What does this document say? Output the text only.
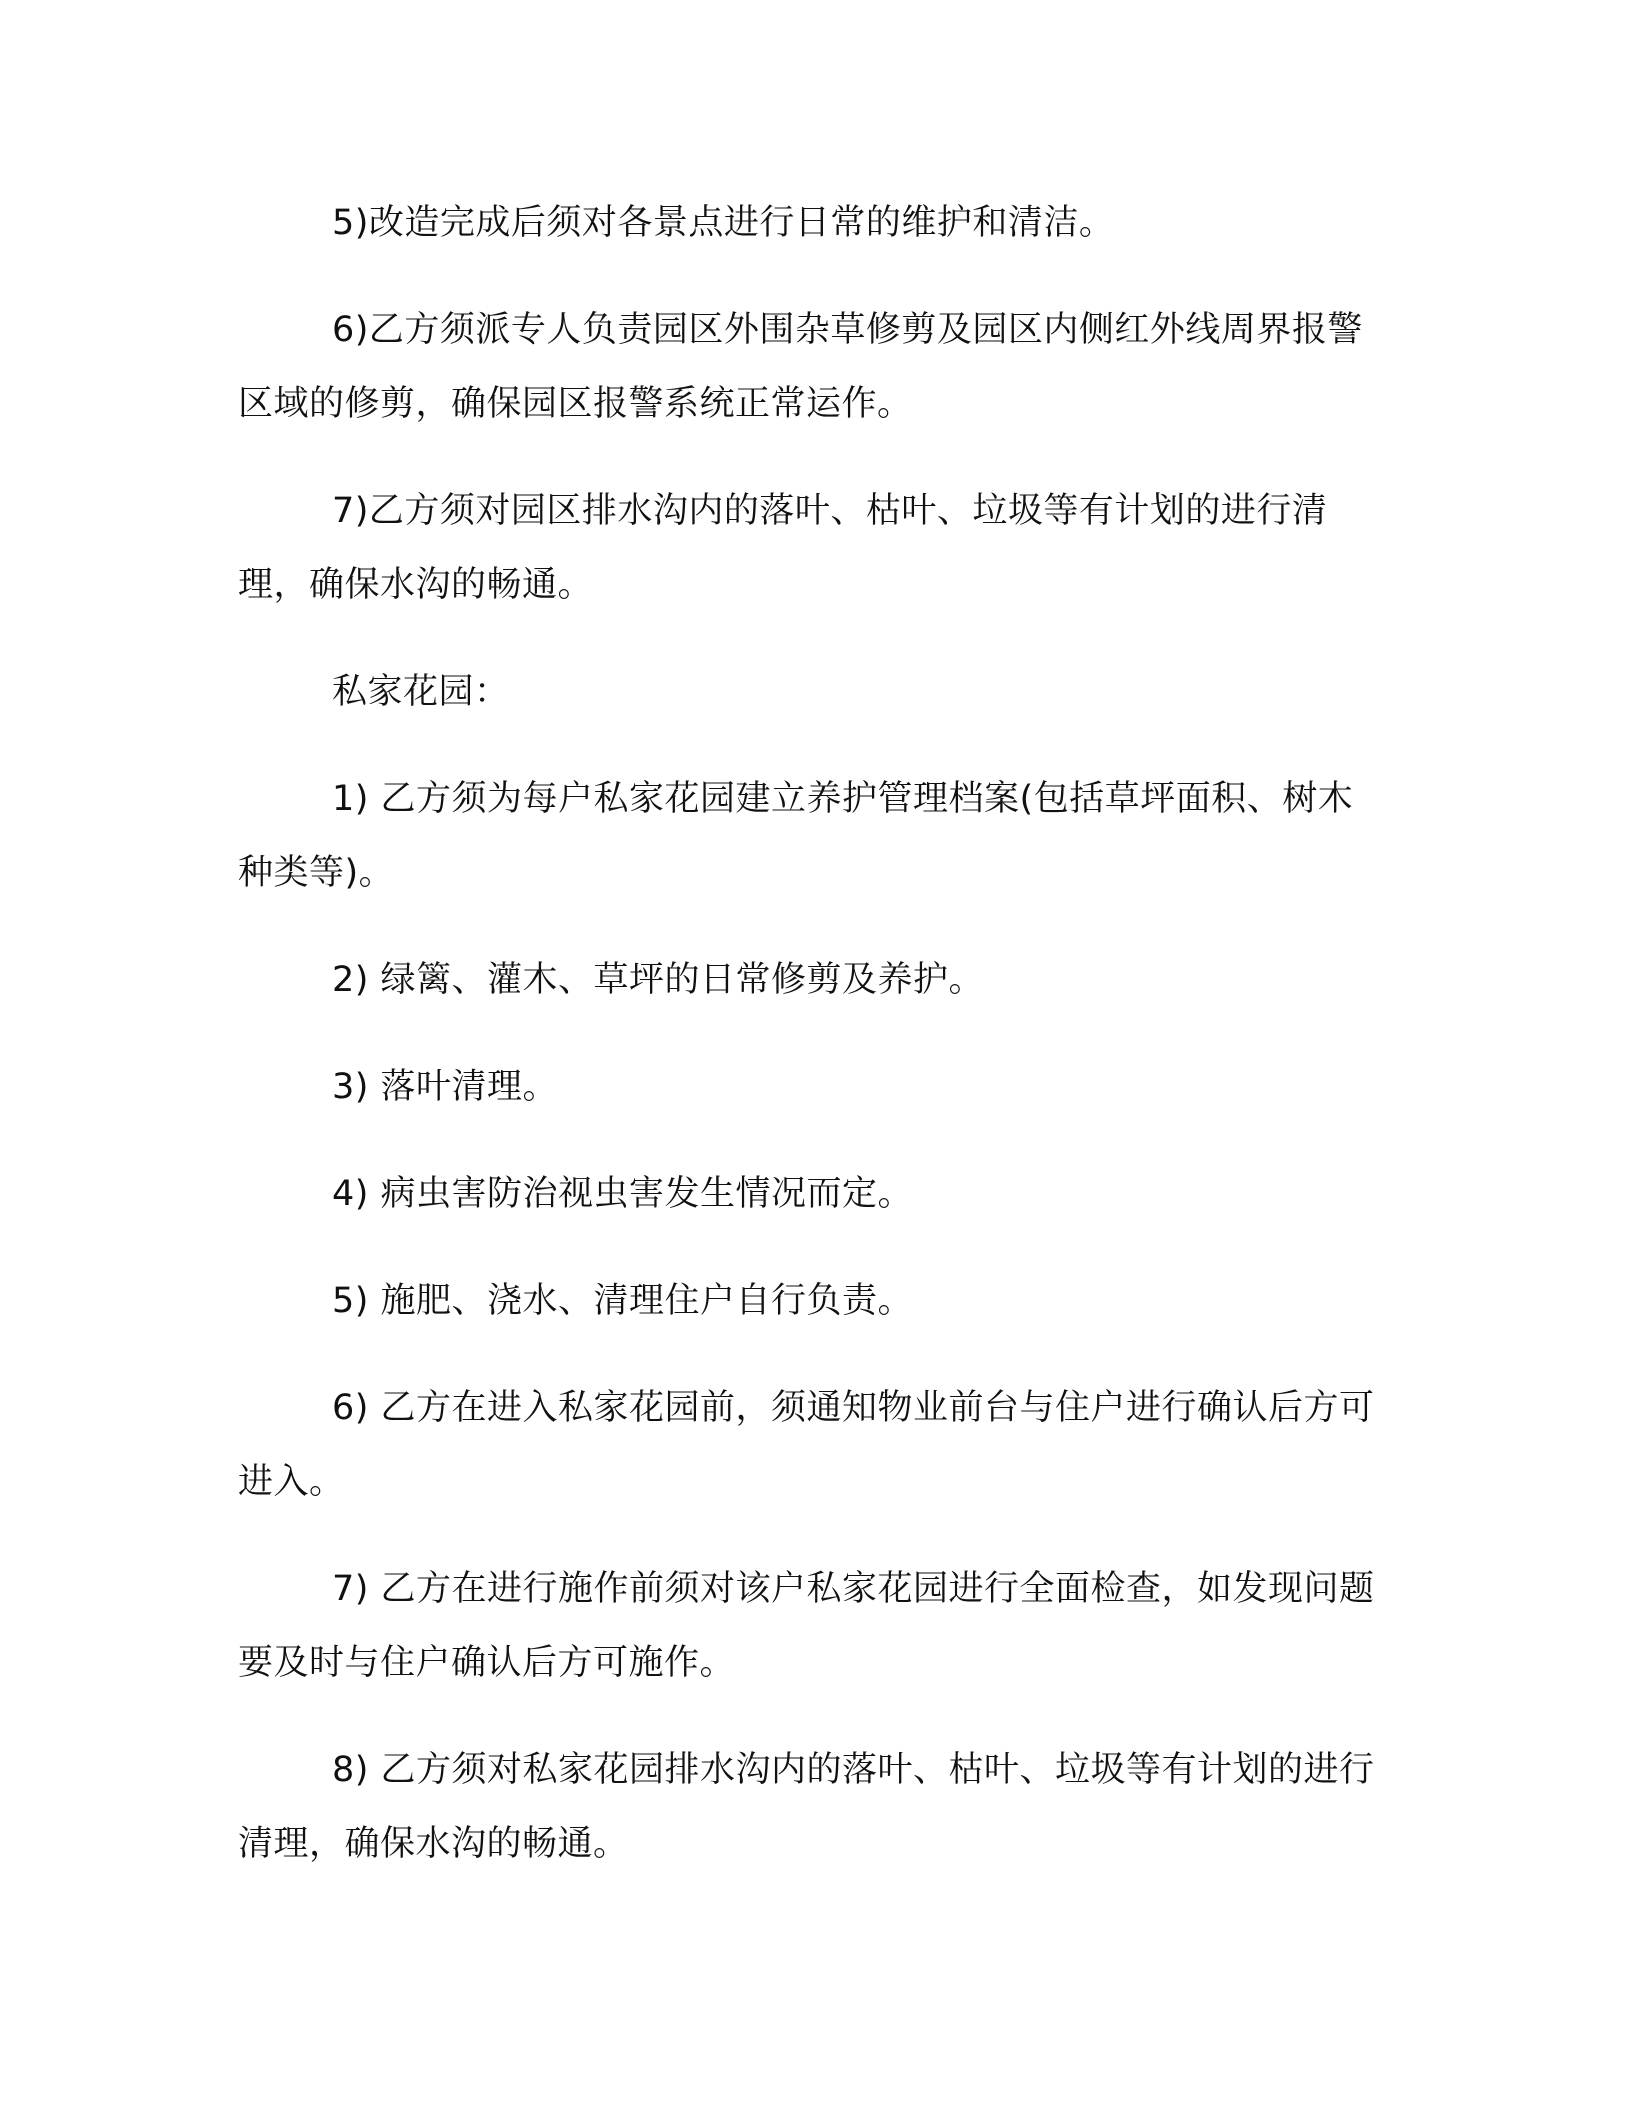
5)改造完成后须对各景点进行日常的维护和清洁。

6)乙方须派专人负责园区外围杂草修剪及园区内侧红外线周界报警区域的修剪，确保园区报警系统正常运作。

7)乙方须对园区排水沟内的落叶、枯叶、垃圾等有计划的进行清理，确保水沟的畅通。

私家花园：

1) 乙方须为每户私家花园建立养护管理档案(包括草坪面积、树木种类等)。

2) 绿篱、灌木、草坪的日常修剪及养护。

3) 落叶清理。

4) 病虫害防治视虫害发生情况而定。

5) 施肥、浇水、清理住户自行负责。

6) 乙方在进入私家花园前，须通知物业前台与住户进行确认后方可进入。

7) 乙方在进行施作前须对该户私家花园进行全面检查，如发现问题要及时与住户确认后方可施作。

8) 乙方须对私家花园排水沟内的落叶、枯叶、垃圾等有计划的进行清理，确保水沟的畅通。
